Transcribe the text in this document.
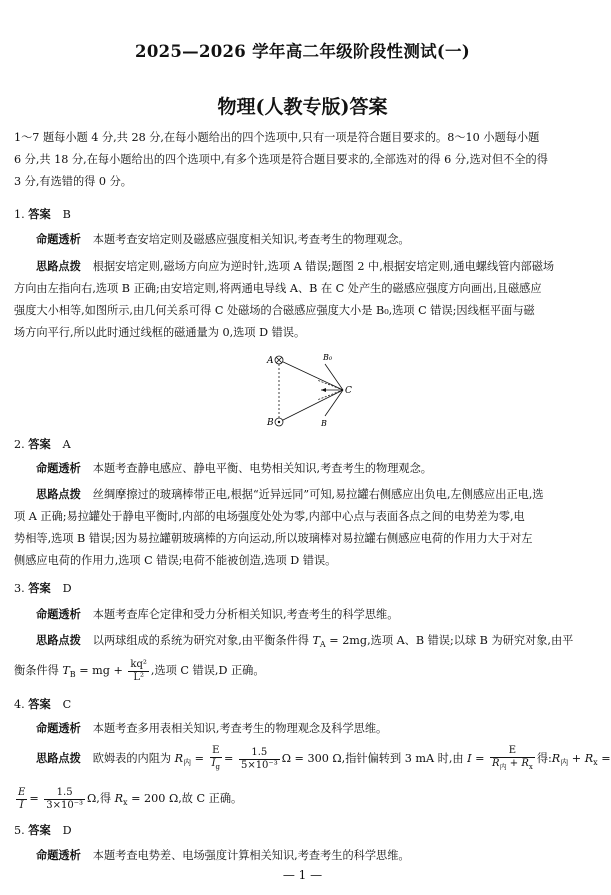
2025—2026 学年高二年级阶段性测试(一)
物理(人教专版)答案
1～7 题每小题 4 分,共 28 分,在每小题给出的四个选项中,只有一项是符合题目要求的。8～10 小题每小题
6 分,共 18 分,在每小题给出的四个选项中,有多个选项是符合题目要求的,全部选对的得 6 分,选对但不全的得
3 分,有选错的得 0 分。
1. 答案 B
命题透析 本题考查安培定则及磁感应强度相关知识,考查考生的物理观念。
思路点拨 根据安培定则,磁场方向应为逆时针,选项 A 错误;题图 2 中,根据安培定则,通电螺线管内部磁场
方向由左指向右,选项 B 正确;由安培定则,将两通电导线 A、B 在 C 处产生的磁感应强度方向画出,且磁感应
强度大小相等,如图所示,由几何关系可得 C 处磁场的合磁感应强度大小是 B₀,选项 C 错误;因线框平面与磁
场方向平行,所以此时通过线框的磁通量为 0,选项 D 错误。
A
B
C
B₀
B
2. 答案 A
命题透析 本题考查静电感应、静电平衡、电势相关知识,考查考生的物理观念。
思路点拨 丝绸摩擦过的玻璃棒带正电,根据“近异远同”可知,易拉罐右侧感应出负电,左侧感应出正电,选
项 A 正确;易拉罐处于静电平衡时,内部的电场强度处处为零,内部中心点与表面各点之间的电势差为零,电
势相等,选项 B 错误;因为易拉罐朝玻璃棒的方向运动,所以玻璃棒对易拉罐右侧感应电荷的作用力大于对左
侧感应电荷的作用力,选项 C 错误;电荷不能被创造,选项 D 错误。
3. 答案 D
命题透析 本题考查库仑定律和受力分析相关知识,考查考生的科学思维。
思路点拨 以两球组成的系统为研究对象,由平衡条件得 $T_A = 2mg$,选项 A、B 错误;以球 B 为研究对象,由平
衡条件得 $T_B$ = mg + $\frac{\text{kq²}}{\text{L²}}$ ,选项 C 错误,D 正确。
4. 答案 C
命题透析 本题考查多用表相关知识,考查考生的物理观念及科学思维。
思路点拨 欧姆表的内阻为 $R_内 = \frac{E}{I_g} = \frac{1.5}{\text{5×10⁻³}}$ Ω = 300 Ω,指针偏转到 3 mA 时,由 $I = \frac{E}{R_内 + R_x}$ 得$:R_内 + R_x$ =
$\frac{E}{I} = \frac{1.5}{\text{3×10⁻³}} \Omega$,得 $R_x = 200$ Ω,故 C 正确。
5. 答案 D
命题透析 本题考查电势差、电场强度计算相关知识,考查考生的科学思维。
— 1 —
